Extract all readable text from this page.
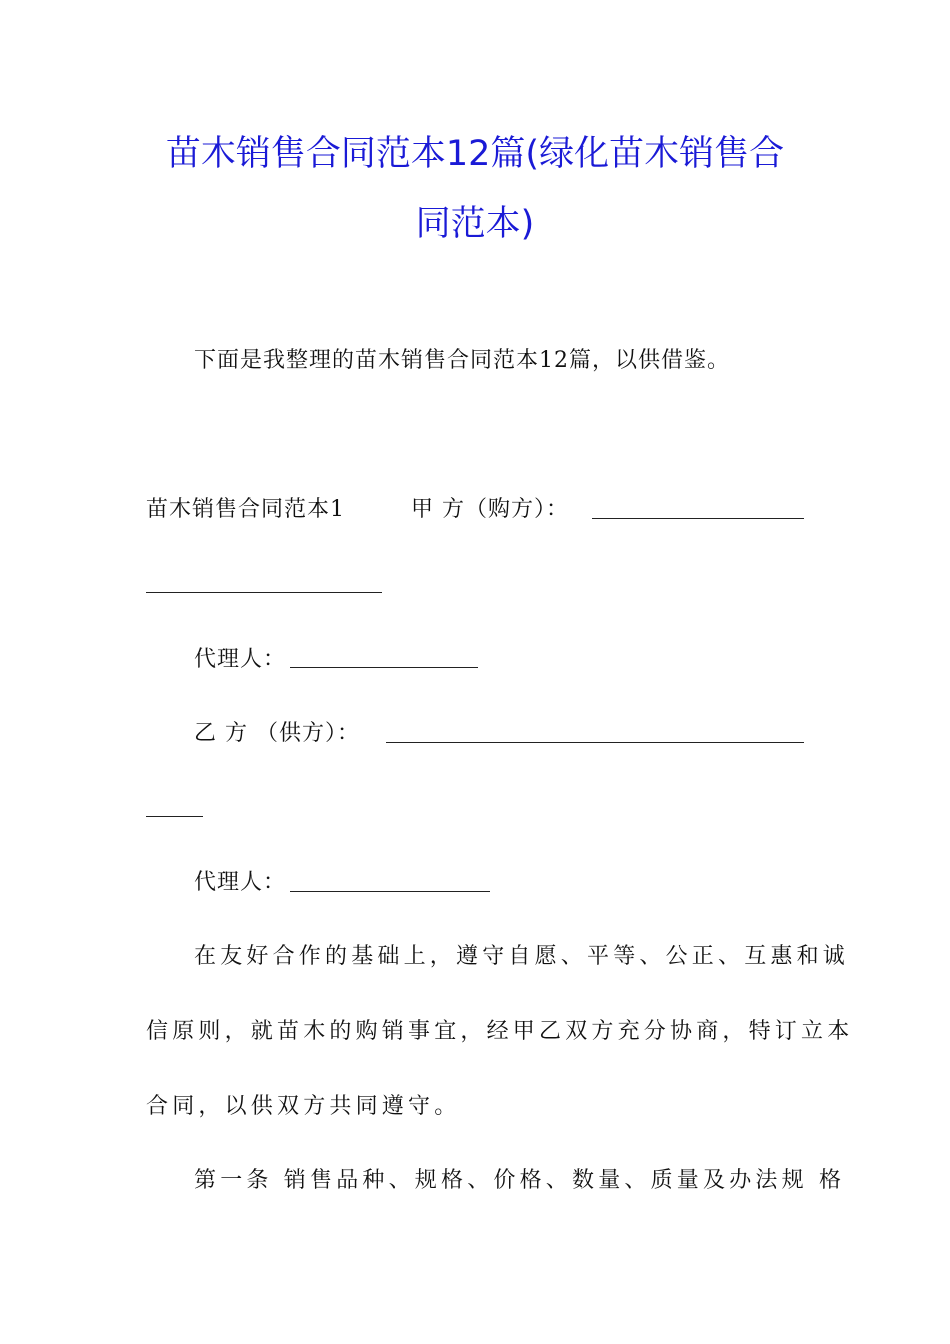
苗木销售合同范本12篇(绿化苗木销售合
同范本)
下面是我整理的苗木销售合同范本12篇，以供借鉴。
苗木销售合同范本1	甲 方（购方）：
代理人：
乙 方 （供方）：
代理人：
在友好合作的基础上，遵守自愿、平等、公正、互惠和诚
信原则，就苗木的购销事宜，经甲乙双方充分协商，特订立本
合同，以供双方共同遵守。
第一条 销售品种、规格、价格、数量、质量及办法规 格
